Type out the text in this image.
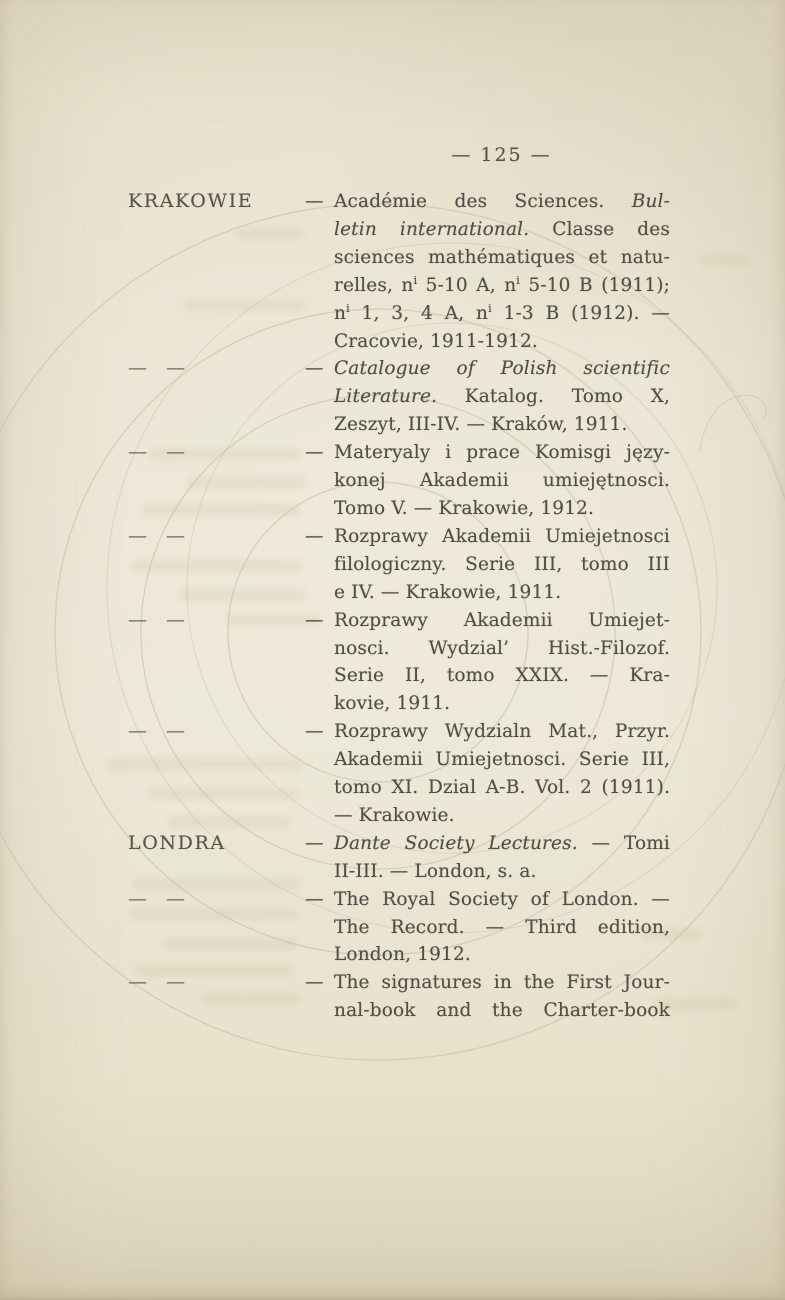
— 125 —
KRAKOWIE	— Académie des Sciences. Bul-
letin international. Classe des
sciences mathématiques et natu-
relles, $n^i$ 5-10 A, $n^i$ 5-10 B (1911);
$n^i$ 1, 3, 4 A, $n^i$ 1-3 B (1912). —
Cracovie, 1911-1912.
— —	— Catalogue of Polish scientific
Literature. Katalog. Tomo X,
Zeszyt, III-IV. — Kraków, 1911.
— —	— Materyaly i prace Komisgi języ-
konej Akademii umiejętnosci.
Tomo V. — Krakowie, 1912.
— —	— Rozprawy Akademii Umiejetnosci
filologiczny. Serie III, tomo III
e IV. — Krakowie, 1911.
— —	— Rozprawy Akademii Umiejet-
nosci. Wydzial’ Hist.-Filozof.
Serie II, tomo XXIX. — Kra-
kovie, 1911.
— —	— Rozprawy Wydzialn Mat., Przyr.
Akademii Umiejetnosci. Serie III,
tomo XI. Dzial A-B. Vol. 2 (1911).
— Krakowie.
LONDRA	— Dante Society Lectures. — Tomi
II-III. — London, s. a.
— —	— The Royal Society of London. —
The Record. — Third edition,
London, 1912.
— —	— The signatures in the First Jour-
nal-book and the Charter-book
